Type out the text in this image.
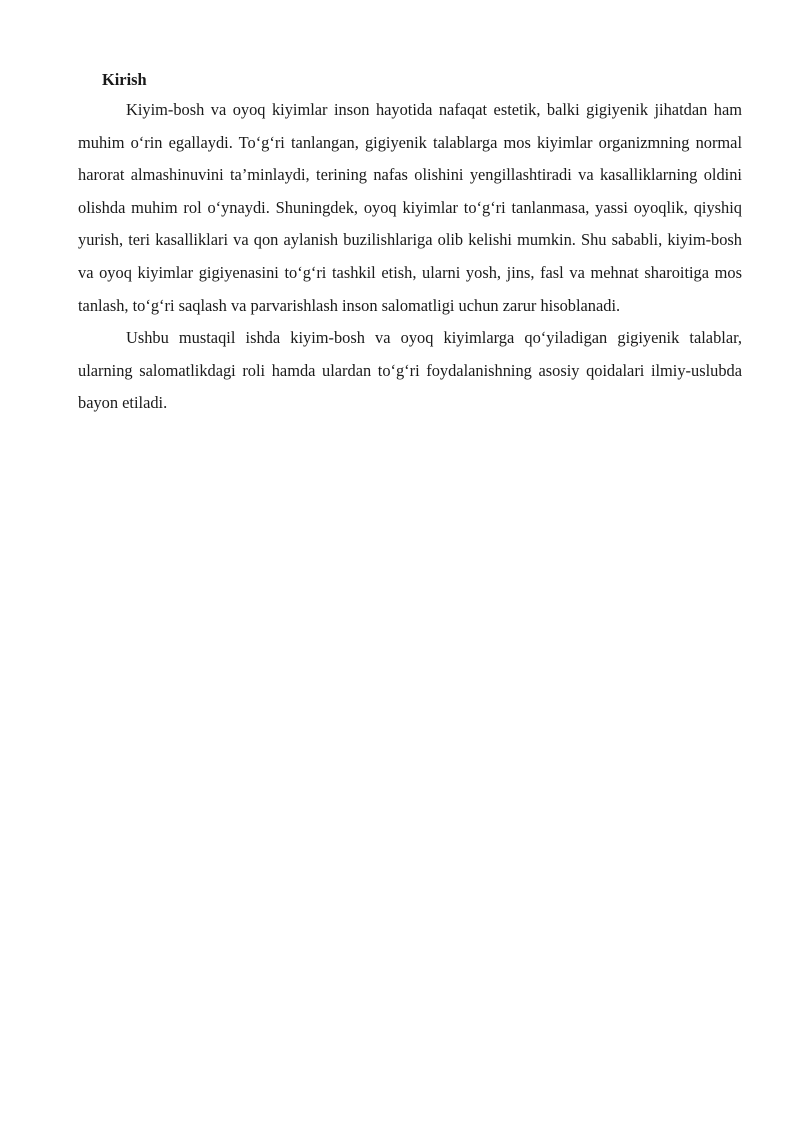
Kirish

Kiyim-bosh va oyoq kiyimlar inson hayotida nafaqat estetik, balki gigiyenik jihatdan ham muhim o‘rin egallaydi. To‘g‘ri tanlangan, gigiyenik talablarga mos kiyimlar organizmning normal harorat almashinuvini ta’minlaydi, terining nafas olishini yengillashtiradi va kasalliklarning oldini olishda muhim rol o‘ynaydi. Shuningdek, oyoq kiyimlar to‘g‘ri tanlanmasa, yassi oyoqlik, qiyshiq yurish, teri kasalliklari va qon aylanish buzilishlariga olib kelishi mumkin. Shu sababli, kiyim-bosh va oyoq kiyimlar gigiyenasini to‘g‘ri tashkil etish, ularni yosh, jins, fasl va mehnat sharoitiga mos tanlash, to‘g‘ri saqlash va parvarishlash inson salomatligi uchun zarur hisoblanadi.

Ushbu mustaqil ishda kiyim-bosh va oyoq kiyimlarga qo‘yiladigan gigiyenik talablar, ularning salomatlikdagi roli hamda ulardan to‘g‘ri foydalanishning asosiy qoidalari ilmiy-uslubda bayon etiladi.
